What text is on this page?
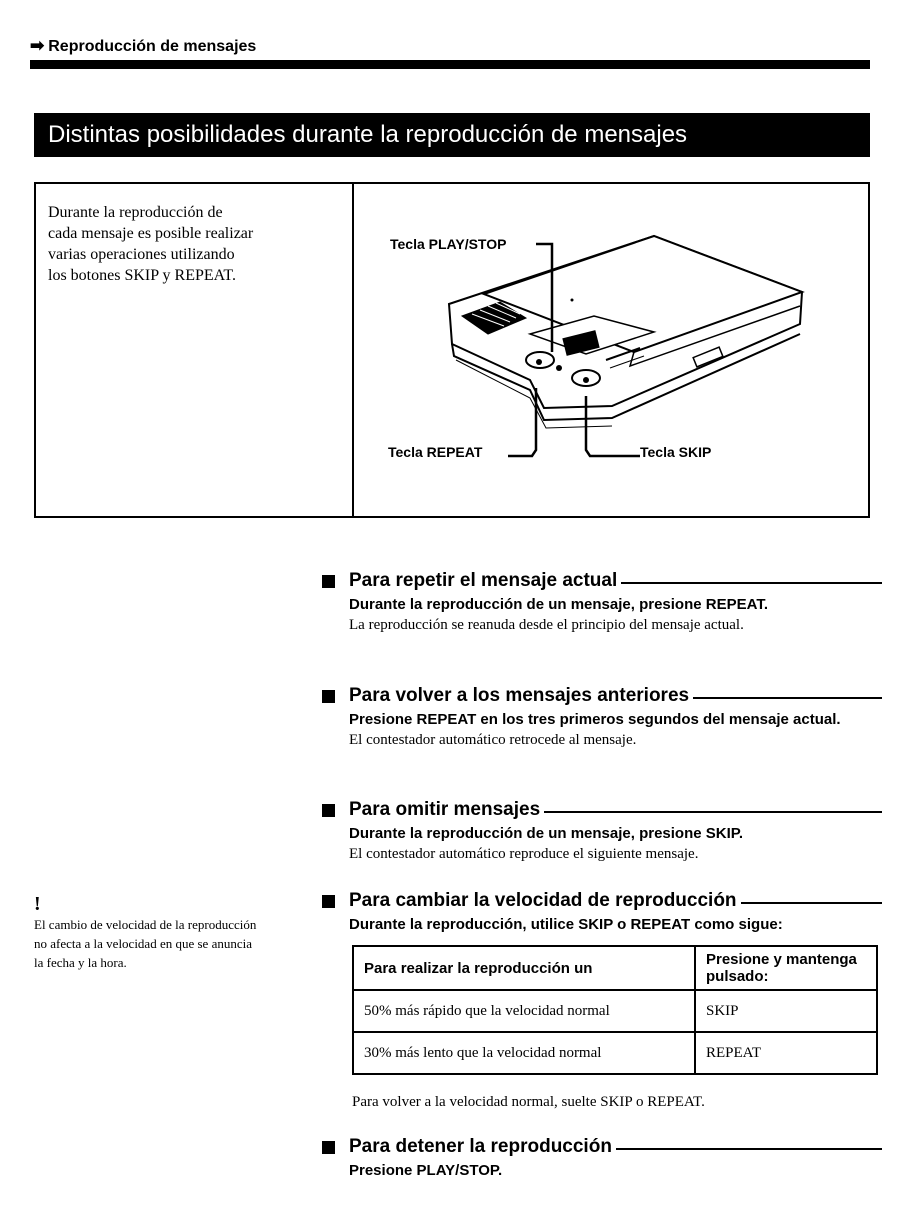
➡ Reproducción de mensajes
Distintas posibilidades durante la reproducción de mensajes
Durante la reproducción de
cada mensaje es posible realizar
varias operaciones utilizando
los botones SKIP y REPEAT.
Tecla PLAY/STOP
Tecla REPEAT	Tecla SKIP
Para repetir el mensaje actual
Durante la reproducción de un mensaje, presione REPEAT.
La reproducción se reanuda desde el principio del mensaje actual.
Para volver a los mensajes anteriores
Presione REPEAT en los tres primeros segundos del mensaje actual.
El contestador automático retrocede al mensaje.
Para omitir mensajes
Durante la reproducción de un mensaje, presione SKIP.
El contestador automático reproduce el siguiente mensaje.
!
El cambio de velocidad de la reproducción no afecta a la velocidad en que se anuncia la fecha y la hora.
Para cambiar la velocidad de reproducción
Durante la reproducción, utilice SKIP o REPEAT como sigue:
Para realizar la reproducción un	Presione y mantenga pulsado:
50% más rápido que la velocidad normal	SKIP
30% más lento que la velocidad normal	REPEAT
Para volver a la velocidad normal, suelte SKIP o REPEAT.
Para detener la reproducción
Presione PLAY/STOP.
